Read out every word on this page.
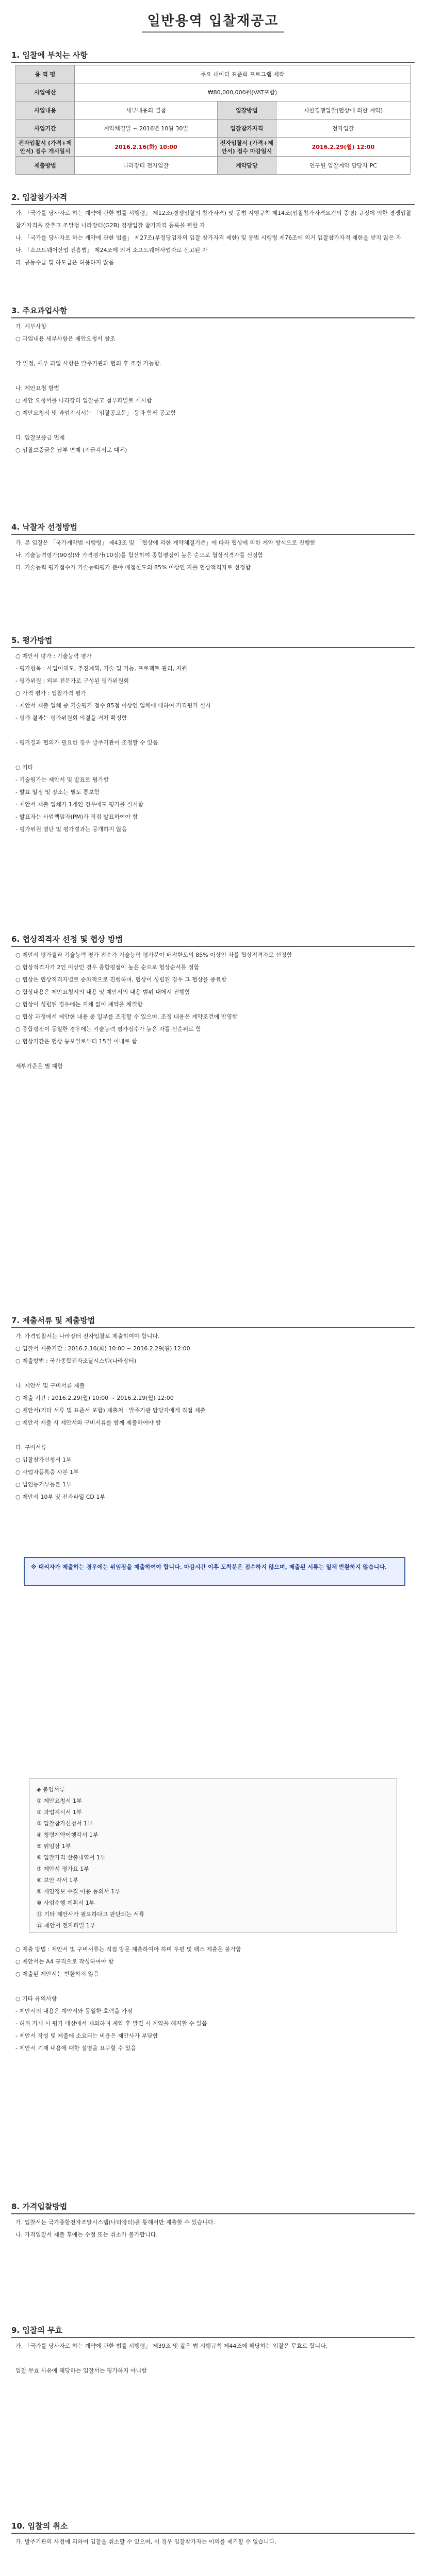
일반용역 입찰재공고
1. 입찰에 부치는 사항
용 역 명	주요 데이터 표준화 프로그램 제작		
사업예산	₩80,000,000원(VAT포함)		
사업내용	세부내용의 별첨	입찰방법	제한경쟁입찰(협상에 의한 계약)
사업기간	계약체결일 ~ 2016년 10월 30일	입찰참가자격	전자입찰
전자입찰서 (가격+제안서) 접수 개시일시	2016.2.16(화) 10:00	전자입찰서 (가격+제안서) 접수 마감일시	2016.2.29(월) 12:00
제출방법	나라장터 전자입찰	계약담당	연구원 입찰계약 담당자 PC
2. 입찰참가자격
가. 「국가를 당사자로 하는 계약에 관한 법률 시행령」 제12조(경쟁입찰의 참가자격) 및 동법 시행규칙 제14조(입찰참가자격요건의 증명) 규정에 의한 경쟁입찰 참가자격을 갖추고 조달청 나라장터(G2B) 경쟁입찰 참가자격 등록을 필한 자
나. 「국가를 당사자로 하는 계약에 관한 법률」 제27조(부정당업자의 입찰 참가자격 제한) 및 동법 시행령 제76조에 의거 입찰참가자격 제한을 받지 않은 자
다. 「소프트웨어산업 진흥법」 제24조에 의거 소프트웨어사업자로 신고된 자
라. 공동수급 및 하도급은 허용하지 않음
3. 주요과업사항
가. 세부사항
○ 과업내용 세부사항은 제안요청서 참조

각 일정, 세부 과업 사항은 발주기관과 협의 후 조정 가능함.

나. 제안요청 방법
○ 제안 요청서를 나라장터 입찰공고 첨부파일로 게시함
○ 제안요청서 및 과업지시서는 「입찰공고문」 등과 함께 공고함

다. 입찰보증금 면제
○ 입찰보증금은 납부 면제 (지급각서로 대체)
4. 낙찰자 선정방법
가. 본 입찰은 「국가계약법 시행령」 제43조 및 「협상에 의한 계약체결기준」에 따라 협상에 의한 계약 방식으로 진행함
나. 기술능력평가(90점)와 가격평가(10점)를 합산하여 종합평점이 높은 순으로 협상적격자를 선정함
다. 기술능력 평가점수가 기술능력평가 분야 배점한도의 85% 이상인 자를 협상적격자로 선정함
5. 평가방법
○ 제안서 평가 : 기술능력 평가
- 평가항목 : 사업이해도, 추진계획, 기술 및 기능, 프로젝트 관리, 지원
- 평가위원 : 외부 전문가로 구성된 평가위원회
○ 가격 평가 : 입찰가격 평가
- 제안서 제출 업체 중 기술평가 점수 85점 이상인 업체에 대하여 가격평가 실시
- 평가 결과는 평가위원회 의결을 거쳐 확정함

- 평가결과 협의가 필요한 경우 발주기관이 조정할 수 있음

○ 기타
- 기술평가는 제안서 및 발표로 평가함
- 발표 일정 및 장소는 별도 통보함
- 제안서 제출 업체가 1개인 경우에도 평가를 실시함
- 발표자는 사업책임자(PM)가 직접 발표하여야 함
- 평가위원 명단 및 평가결과는 공개하지 않음
6. 협상적격자 선정 및 협상 방법
○ 제안서 평가결과 기술능력 평가 점수가 기술능력 평가분야 배점한도의 85% 이상인 자를 협상적격자로 선정함
○ 협상적격자가 2인 이상인 경우 종합평점이 높은 순으로 협상순서를 정함
○ 협상은 협상적격자별로 순차적으로 진행하며, 협상이 성립된 경우 그 협상을 종료함
○ 협상내용은 제안요청서의 내용 및 제안서의 내용 범위 내에서 진행함
○ 협상이 성립된 경우에는 지체 없이 계약을 체결함
○ 협상 과정에서 제안한 내용 중 일부를 조정할 수 있으며, 조정 내용은 계약조건에 반영함
○ 종합평점이 동일한 경우에는 기술능력 평가점수가 높은 자를 선순위로 함
○ 협상기간은 협상 통보일로부터 15일 이내로 함

세부기준은 별 때함
7. 제출서류 및 제출방법
가. 가격입찰서는 나라장터 전자입찰로 제출하여야 합니다.
○ 입찰서 제출기간 : 2016.2.16(화) 10:00 ~ 2016.2.29(월) 12:00
○ 제출방법 : 국가종합전자조달시스템(나라장터)

나. 제안서 및 구비서류 제출
○ 제출 기간 : 2016.2.29(월) 10:00 ~ 2016.2.29(월) 12:00
○ 제안서(기타 서류 및 표준서 포함) 제출처 : 발주기관 담당자에게 직접 제출
○ 제안서 제출 시 제안서와 구비서류를 함께 제출하여야 함

다. 구비서류
○ 입찰참가신청서 1부
○ 사업자등록증 사본 1부
○ 법인등기부등본 1부
○ 제안서 10부 및 전자파일 CD 1부
※ 대리자가 제출하는 경우에는 위임장을 제출하여야 합니다. 마감시간 이후 도착분은 접수하지 않으며, 제출된 서류는 일체 반환하지 않습니다.
◈ 붙임서류
① 제안요청서 1부
② 과업지시서 1부
③ 입찰참가신청서 1부
④ 청렴계약이행각서 1부
⑤ 위임장 1부
⑥ 입찰가격 산출내역서 1부
⑦ 제안서 평가표 1부
⑧ 보안 각서 1부
⑨ 개인정보 수집 이용 동의서 1부
⑩ 사업수행 계획서 1부
⑪ 기타 제안사가 필요하다고 판단되는 서류
⑫ 제안서 전자파일 1부
○ 제출 방법 : 제안서 및 구비서류는 직접 방문 제출하여야 하며 우편 및 팩스 제출은 불가함
○ 제안서는 A4 규격으로 작성하여야 함
○ 제출된 제안서는 반환하지 않음

○ 기타 유의사항
- 제안서의 내용은 계약서와 동일한 효력을 가짐
- 허위 기재 시 평가 대상에서 제외하며 계약 후 발견 시 계약을 해지할 수 있음
- 제안서 작성 및 제출에 소요되는 비용은 제안사가 부담함
- 제안서 기재 내용에 대한 설명을 요구할 수 있음
8. 가격입찰방법
가. 입찰서는 국가종합전자조달시스템(나라장터)을 통해서만 제출할 수 있습니다.
나. 가격입찰서 제출 후에는 수정 또는 취소가 불가합니다.
9. 입찰의 무효
가. 「국가를 당사자로 하는 계약에 관한 법률 시행령」 제39조 및 같은 법 시행규칙 제44조에 해당하는 입찰은 무효로 합니다.

입찰 무효 사유에 해당하는 입찰서는 평가하지 아니함
10. 입찰의 취소
가. 발주기관의 사정에 의하여 입찰을 취소할 수 있으며, 이 경우 입찰참가자는 이의를 제기할 수 없습니다.
